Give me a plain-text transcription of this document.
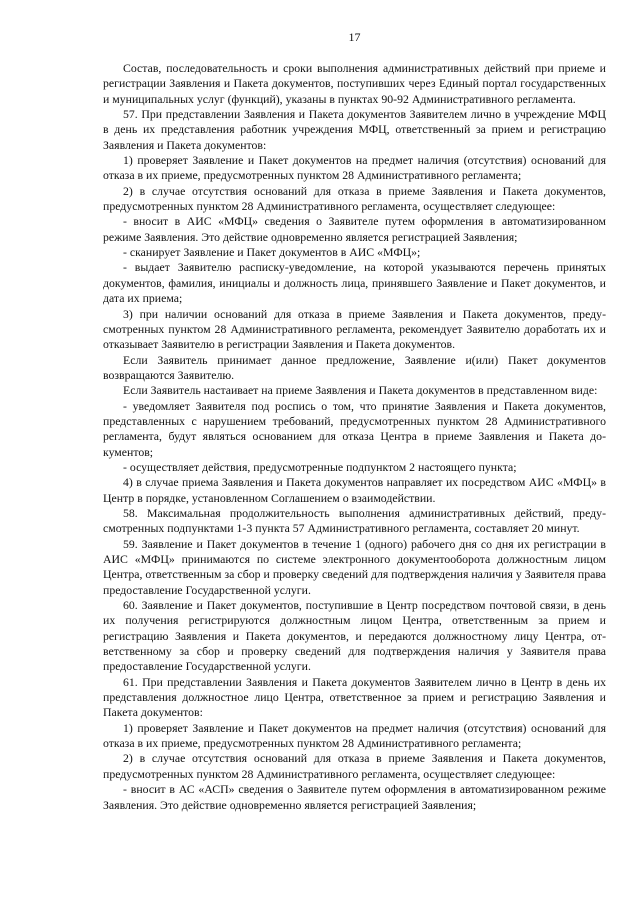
17

Состав, последовательность и сроки выполнения административных действий при приеме и регистрации Заявления и Пакета документов, поступивших через Единый портал государственных и муниципальных услуг (функций), указаны в пунктах 90-92 Административного регламента.

57. При представлении Заявления и Пакета документов Заявителем лично в учреждение МФЦ в день их представления работник учреждения МФЦ, ответственный за прием и регистрацию Заявления и Пакета документов:

1) проверяет Заявление и Пакет документов на предмет наличия (отсутствия) оснований для отказа в их приеме, предусмотренных пунктом 28 Административного регламента;

2) в случае отсутствия оснований для отказа в приеме Заявления и Пакета документов, предусмотренных пунктом 28 Административного регламента, осуществляет следующее:

- вносит в АИС «МФЦ» сведения о Заявителе путем оформления в автоматизированном режиме Заявления. Это действие одновременно является регистрацией Заявления;

- сканирует Заявление и Пакет документов в АИС «МФЦ»;

- выдает Заявителю расписку-уведомление, на которой указываются перечень принятых документов, фамилия, инициалы и должность лица, принявшего Заявление и Пакет документов, и дата их приема;

3) при наличии оснований для отказа в приеме Заявления и Пакета документов, предусмотренных пунктом 28 Административного регламента, рекомендует Заявителю доработать их и отказывает Заявителю в регистрации Заявления и Пакета документов.

Если Заявитель принимает данное предложение, Заявление и(или) Пакет документов возвращаются Заявителю.

Если Заявитель настаивает на приеме Заявления и Пакета документов в представленном виде:

- уведомляет Заявителя под роспись о том, что принятие Заявления и Пакета документов, представленных с нарушением требований, предусмотренных пунктом 28 Административного регламента, будут являться основанием для отказа Центра в приеме Заявления и Пакета документов;

- осуществляет действия, предусмотренные подпунктом 2 настоящего пункта;

4) в случае приема Заявления и Пакета документов направляет их посредством АИС «МФЦ» в Центр в порядке, установленном Соглашением о взаимодействии.

58. Максимальная продолжительность выполнения административных действий, предусмотренных подпунктами 1-3 пункта 57 Административного регламента, составляет 20 минут.

59. Заявление и Пакет документов в течение 1 (одного) рабочего дня со дня их регистрации в АИС «МФЦ» принимаются по системе электронного документооборота должностным лицом Центра, ответственным за сбор и проверку сведений для подтверждения наличия у Заявителя права предоставление Государственной услуги.

60. Заявление и Пакет документов, поступившие в Центр посредством почтовой связи, в день их получения регистрируются должностным лицом Центра, ответственным за прием и регистрацию Заявления и Пакета документов, и передаются должностному лицу Центра, ответственному за сбор и проверку сведений для подтверждения наличия у Заявителя права предоставление Государственной услуги.

61. При представлении Заявления и Пакета документов Заявителем лично в Центр в день их представления должностное лицо Центра, ответственное за прием и регистрацию Заявления и Пакета документов:

1) проверяет Заявление и Пакет документов на предмет наличия (отсутствия) оснований для отказа в их приеме, предусмотренных пунктом 28 Административного регламента;

2) в случае отсутствия оснований для отказа в приеме Заявления и Пакета документов, предусмотренных пунктом 28 Административного регламента, осуществляет следующее:

- вносит в АС «АСП» сведения о Заявителе путем оформления в автоматизированном режиме Заявления. Это действие одновременно является регистрацией Заявления;
